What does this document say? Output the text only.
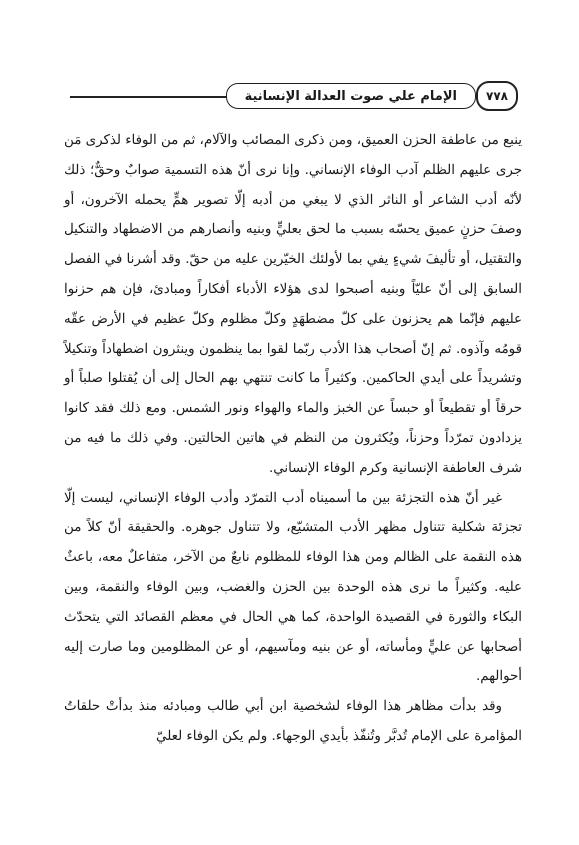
٧٧٨
الإمام علي صوت العدالة الإنسانية

ينبع من عاطفة الحزن العميق، ومن ذكرى المصائب والآلام، ثم من الوفاء لذكرى مَن جرى عليهم الظلم آدب الوفاء الإنساني. وإنا نرى أنّ هذه التسمية صوابٌ وحقٌّ؛ ذلك لأنّه أدب الشاعر أو الناثر الذي لا يبغي من أدبه إلّا تصوير همٍّ يحمله الآخرون، أو وصفَ حزنٍ عميق يحسّه بسبب ما لحق بعليٍّ وبنيه وأنصارهم من الاضطهاد والتنكيل والتقتيل، أو تأليفَ شيءٍ يفي بما لأولئك الخيّرين عليه من حقّ. وقد أشرنا في الفصل السابق إلى أنّ عليّاً وبنيه أصبحوا لدى هؤلاء الأدباء أفكاراً ومبادئ، فإن هم حزنوا عليهم فإنّما هم يحزنون على كلّ مضطهَدٍ وكلّ مظلوم وكلّ عظيم في الأرض عقّه قومُه وآذوه. ثم إنّ أصحاب هذا الأدب ربّما لقوا بما ينظمون وينثرون اضطهاداً وتنكيلاً وتشريداً على أيدي الحاكمين. وكثيراً ما كانت تنتهي بهم الحال إلى أن يُقتلوا صلباً أو حرقاً أو تقطيعاً أو حبساً عن الخبز والماء والهواء ونور الشمس. ومع ذلك فقد كانوا يزدادون تمرّداً وحزناً، ويُكثرون من النظم في هاتين الحالتين. وفي ذلك ما فيه من شرف العاطفة الإنسانية وكرم الوفاء الإنساني.

غير أنّ هذه التجزئة بين ما أسميناه أدب التمرّد وأدب الوفاء الإنساني، ليست إلّا تجزئة شكلية تتناول مظهر الأدب المتشيّع، ولا تتناول جوهره. والحقيقة أنّ كلاً من هذه النقمة على الظالم ومن هذا الوفاء للمظلوم نابعٌ من الآخر، متفاعلٌ معه، باعثٌ عليه. وكثيراً ما نرى هذه الوحدة بين الحزن والغضب، وبين الوفاء والنقمة، وبين البكاء والثورة في القصيدة الواحدة، كما هي الحال في معظم القصائد التي يتحدّث أصحابها عن عليٍّ ومأساته، أو عن بنيه ومآسيهم، أو عن المظلومين وما صارت إليه أحوالهم.

وقد بدأت مظاهر هذا الوفاء لشخصية ابن أبي طالب ومبادئه منذ بدأتْ حلقاتُ المؤامرة على الإمام تُدبَّر وتُنفّذ بأيدي الوجهاء. ولم يكن الوفاء لعليّ
